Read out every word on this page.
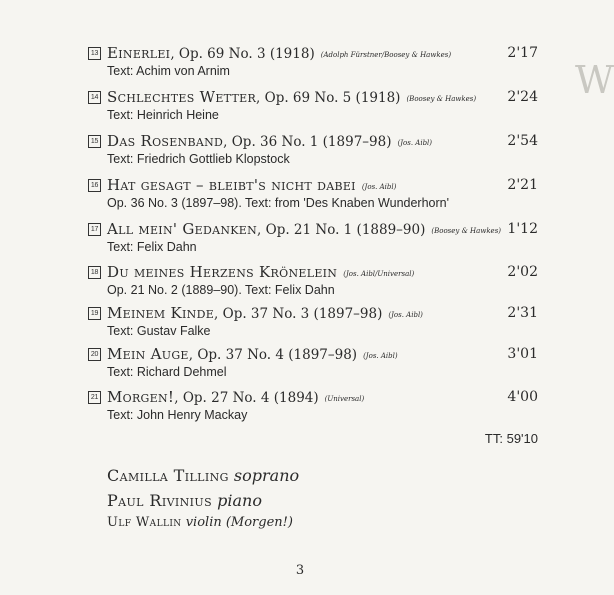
W
13 Einerlei, Op. 69 No. 3 (1918) (Adolph Fürstner/Boosey & Hawkes)	2'17
Text: Achim von Arnim
14 Schlechtes Wetter, Op. 69 No. 5 (1918) (Boosey & Hawkes) 2'24
Text: Heinrich Heine
15 Das Rosenband, Op. 36 No. 1 (1897–98) (Jos. Aibl)	2'54
Text: Friedrich Gottlieb Klopstock
16 Hat gesagt – bleibt's nicht dabei (Jos. Aibl)	2'21
Op. 36 No. 3 (1897–98). Text: from 'Des Knaben Wunderhorn'
17 All mein' Gedanken, Op. 21 No. 1 (1889–90) (Boosey & Hawkes) 1'12
Text: Felix Dahn
18 Du meines Herzens Krönelein (Jos. Aibl/Universal)	2'02
Op. 21 No. 2 (1889–90). Text: Felix Dahn
19 Meinem Kinde, Op. 37 No. 3 (1897–98) (Jos. Aibl)	2'31
Text: Gustav Falke
20 Mein Auge, Op. 37 No. 4 (1897–98) (Jos. Aibl)	3'01
Text: Richard Dehmel
21 Morgen!, Op. 27 No. 4 (1894) (Universal)	4'00
Text: John Henry Mackay
TT: 59'10
Camilla Tilling soprano
Paul Rivinius piano
Ulf Wallin violin (Morgen!)
3
